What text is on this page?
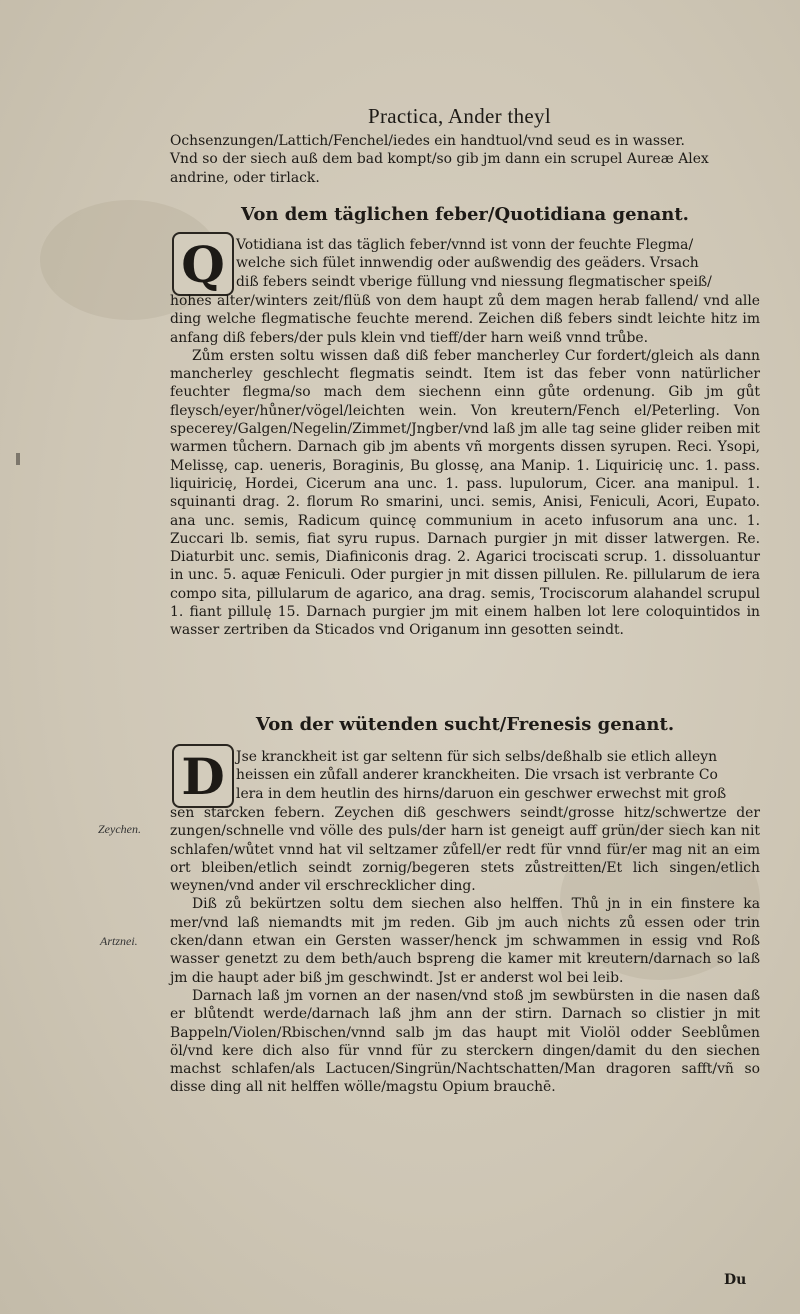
Practica, Ander theyl
Ochsenzungen/Lattich/Fenchel/iedes ein handtuol/vnd seud es in wasser.
Vnd so der siech auß dem bad kompt/so gib jm dann ein scrupel Aureæ Alex
andrine, oder tirlack.
Von dem täglichen feber/Quotidiana genant.
Q Votidiana ist das täglich feber/vnnd ist vonn der feuchte Flegma/
welche sich fület innwendig oder außwendig des geäders. Vrsach
diß febers seindt vberige füllung vnd niessung flegmatischer speiß/

hohes alter/winters zeit/flüß von dem haupt zů dem magen herab fallend/ vnd alle ding welche flegmatische feuchte merend. Zeichen diß febers sindt leichte hitz im anfang diß febers/der puls klein vnd tieff/der harn weiß vnnd trůbe.

Zům ersten soltu wissen daß diß feber mancherley Cur fordert/gleich als dann mancherley geschlecht flegmatis seindt. Item ist das feber vonn natürlicher feuchter flegma/so mach dem siechenn einn gůte ordenung. Gib jm gůt fleysch/eyer/hůner/vögel/leichten wein. Von kreutern/Fench el/Peterling. Von specerey/Galgen/Negelin/Zimmet/Jngber/vnd laß jm alle tag seine glider reiben mit warmen tůchern. Darnach gib jm abents vñ morgents dissen syrupen. Reci. Ysopi, Melissę, cap. ueneris, Boraginis, Bu glossę, ana Manip. 1. Liquiricię unc. 1. pass. liquiricię, Hordei, Cicerum ana unc. 1. pass. lupulorum, Cicer. ana manipul. 1. squinanti drag. 2. florum Ro smarini, unci. semis, Anisi, Feniculi, Acori, Eupato. ana unc. semis, Radicum quincę communium in aceto infusorum ana unc. 1. Zuccari lb. semis, fiat syru rupus. Darnach purgier jn mit disser latwergen. Re. Diaturbit unc. semis, Diafiniconis drag. 2. Agarici trociscati scrup. 1. dissoluantur in unc. 5. aquæ Feniculi. Oder purgier jn mit dissen pillulen. Re. pillularum de iera compo sita, pillularum de agarico, ana drag. semis, Trociscorum alahandel scrupul 1. fiant pillulę 15. Darnach purgier jm mit einem halben lot lere coloquintidos in wasser zertriben da Sticados vnd Origanum inn gesotten seindt.

Von der wütenden sucht/Frenesis genant.
D Jse kranckheit ist gar seltenn für sich selbs/deßhalb sie etlich alleyn
heissen ein zůfall anderer kranckheiten. Die vrsach ist verbrante Co
lera in dem heutlin des hirns/daruon ein geschwer erwechst mit groß

sen starcken febern. Zeychen diß geschwers seindt/grosse hitz/schwertze der zungen/schnelle vnd völle des puls/der harn ist geneigt auff grün/der siech kan nit schlafen/wůtet vnnd hat vil seltzamer zůfell/er redt für vnnd für/er mag nit an eim ort bleiben/etlich seindt zornig/begeren stets zůstreitten/Et lich singen/etlich weynen/vnd ander vil erschrecklicher ding.

Diß zů bekürtzen soltu dem siechen also helffen. Thů jn in ein finstere ka mer/vnd laß niemandts mit jm reden. Gib jm auch nichts zů essen oder trin cken/dann etwan ein Gersten wasser/henck jm schwammen in essig vnd Roß wasser genetzt zu dem beth/auch bspreng die kamer mit kreutern/darnach so laß jm die haupt ader biß jm geschwindt. Jst er anderst wol bei leib.

Darnach laß jm vornen an der nasen/vnd stoß jm sewbürsten in die nasen daß er blůtendt werde/darnach laß jhm ann der stirn. Darnach so clistier jn mit Bappeln/Violen/Rbischen/vnnd salb jm das haupt mit Violöl odder Seeblůmen öl/vnd kere dich also für vnnd für zu sterckern dingen/damit du den siechen machst schlafen/als Lactucen/Singrün/Nachtschatten/Man dragoren safft/vñ so disse ding all nit helffen wölle/magstu Opium brauchē.

Zeychen.
Artznei.
Du
